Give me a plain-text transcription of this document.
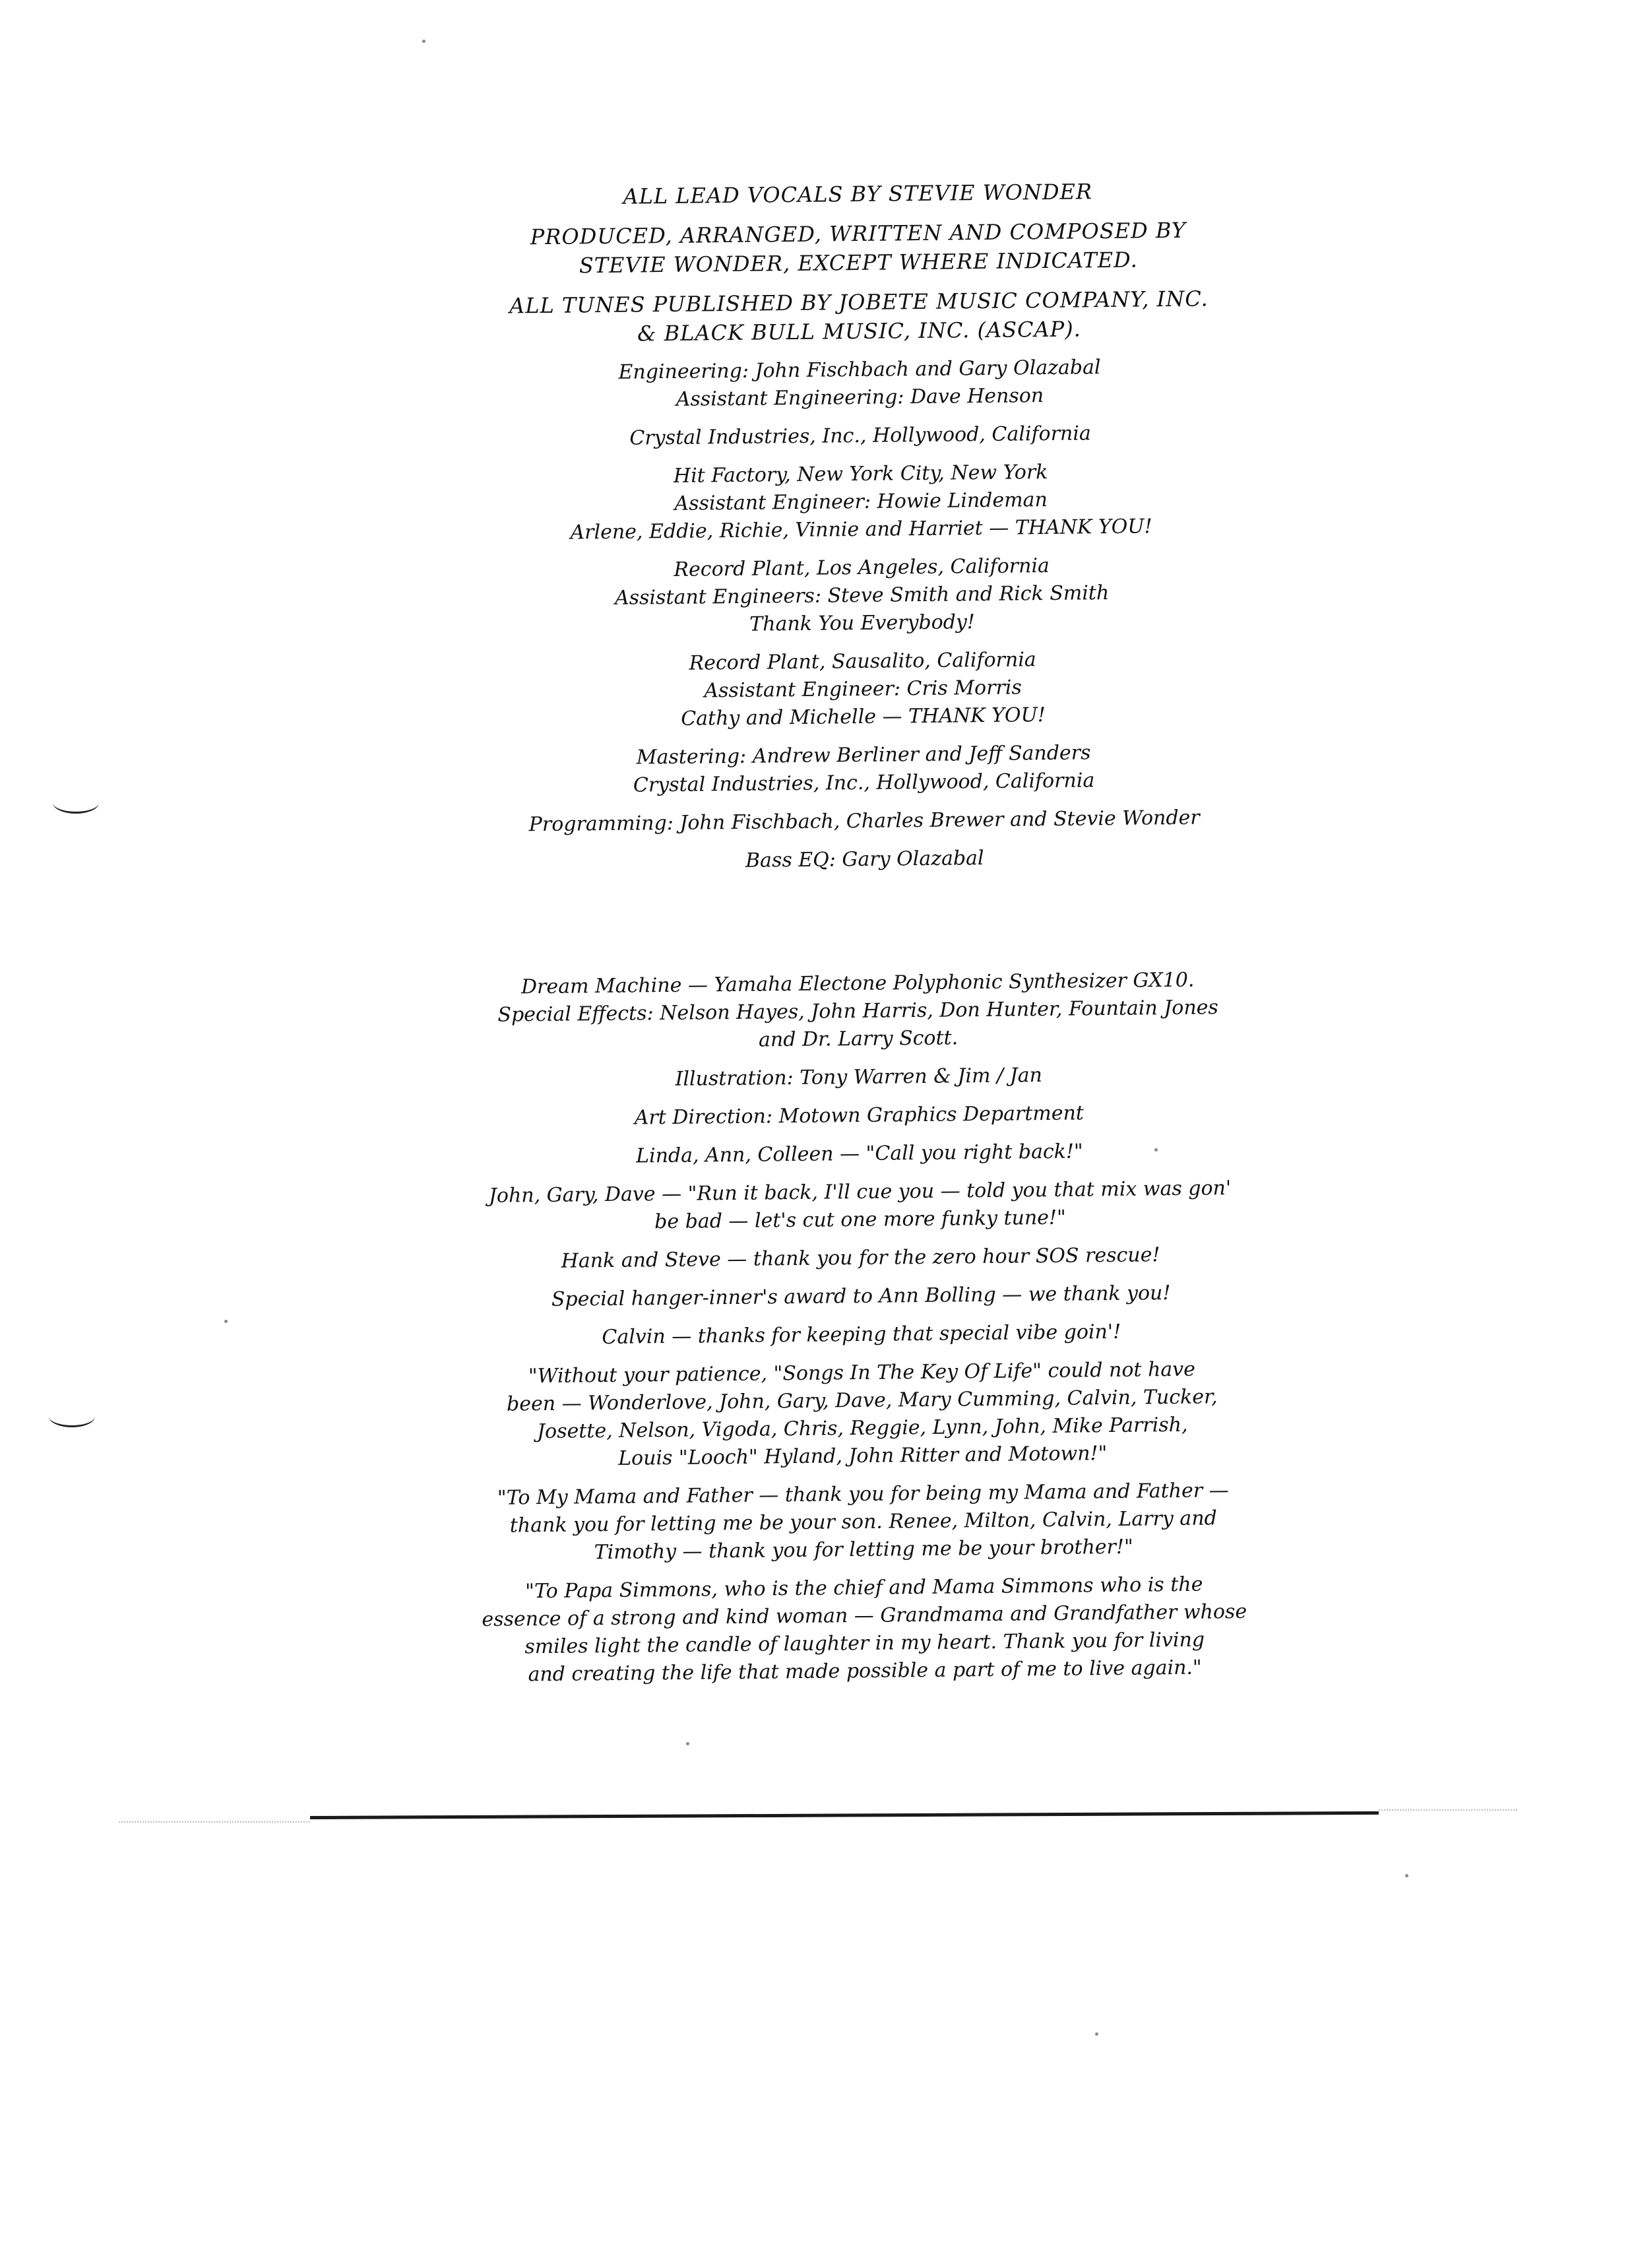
ALL LEAD VOCALS BY STEVIE WONDER
PRODUCED, ARRANGED, WRITTEN AND COMPOSED BY
STEVIE WONDER, EXCEPT WHERE INDICATED.
ALL TUNES PUBLISHED BY JOBETE MUSIC COMPANY, INC.
& BLACK BULL MUSIC, INC. (ASCAP).
Engineering: John Fischbach and Gary Olazabal
Assistant Engineering: Dave Henson
Crystal Industries, Inc., Hollywood, California
Hit Factory, New York City, New York
Assistant Engineer: Howie Lindeman
Arlene, Eddie, Richie, Vinnie and Harriet — THANK YOU!
Record Plant, Los Angeles, California
Assistant Engineers: Steve Smith and Rick Smith
Thank You Everybody!
Record Plant, Sausalito, California
Assistant Engineer: Cris Morris
Cathy and Michelle — THANK YOU!
Mastering: Andrew Berliner and Jeff Sanders
Crystal Industries, Inc., Hollywood, California
Programming: John Fischbach, Charles Brewer and Stevie Wonder
Bass EQ: Gary Olazabal
Dream Machine — Yamaha Electone Polyphonic Synthesizer GX10.
Special Effects: Nelson Hayes, John Harris, Don Hunter, Fountain Jones
and Dr. Larry Scott.
Illustration: Tony Warren & Jim / Jan
Art Direction: Motown Graphics Department
Linda, Ann, Colleen — "Call you right back!"
John, Gary, Dave — "Run it back, I'll cue you — told you that mix was gon'
be bad — let's cut one more funky tune!"
Hank and Steve — thank you for the zero hour SOS rescue!
Special hanger-inner's award to Ann Bolling — we thank you!
Calvin — thanks for keeping that special vibe goin'!
"Without your patience, "Songs In The Key Of Life" could not have
been — Wonderlove, John, Gary, Dave, Mary Cumming, Calvin, Tucker,
Josette, Nelson, Vigoda, Chris, Reggie, Lynn, John, Mike Parrish,
Louis "Looch" Hyland, John Ritter and Motown!"
"To My Mama and Father — thank you for being my Mama and Father —
thank you for letting me be your son. Renee, Milton, Calvin, Larry and
Timothy — thank you for letting me be your brother!"
"To Papa Simmons, who is the chief and Mama Simmons who is the
essence of a strong and kind woman — Grandmama and Grandfather whose
smiles light the candle of laughter in my heart. Thank you for living
and creating the life that made possible a part of me to live again."
